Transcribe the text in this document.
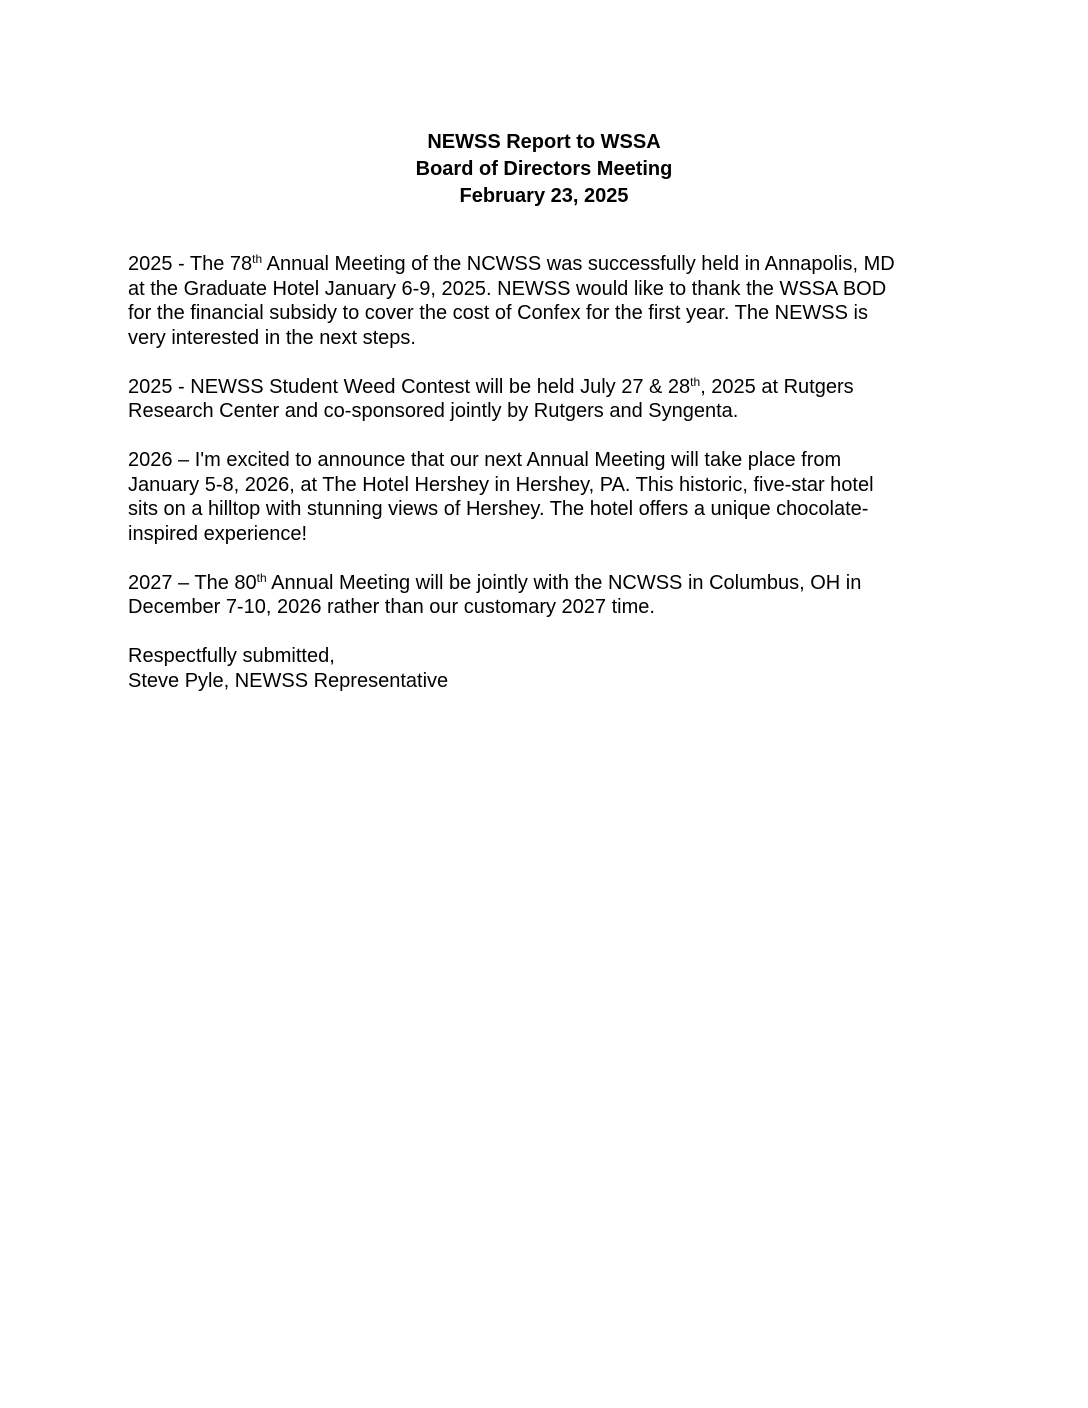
NEWSS Report to WSSA
Board of Directors Meeting
February 23, 2025
2025 - The 78th Annual Meeting of the NCWSS was successfully held in Annapolis, MD
at the Graduate Hotel January 6-9, 2025. NEWSS would like to thank the WSSA BOD
for the financial subsidy to cover the cost of Confex for the first year. The NEWSS is
very interested in the next steps.
2025 - NEWSS Student Weed Contest will be held July 27 & 28th, 2025 at Rutgers
Research Center and co-sponsored jointly by Rutgers and Syngenta.
2026 – I'm excited to announce that our next Annual Meeting will take place from
January 5-8, 2026, at The Hotel Hershey in Hershey, PA. This historic, five-star hotel
sits on a hilltop with stunning views of Hershey. The hotel offers a unique chocolate-
inspired experience!
2027 – The 80th Annual Meeting will be jointly with the NCWSS in Columbus, OH in
December 7-10, 2026 rather than our customary 2027 time.
Respectfully submitted,
Steve Pyle, NEWSS Representative
